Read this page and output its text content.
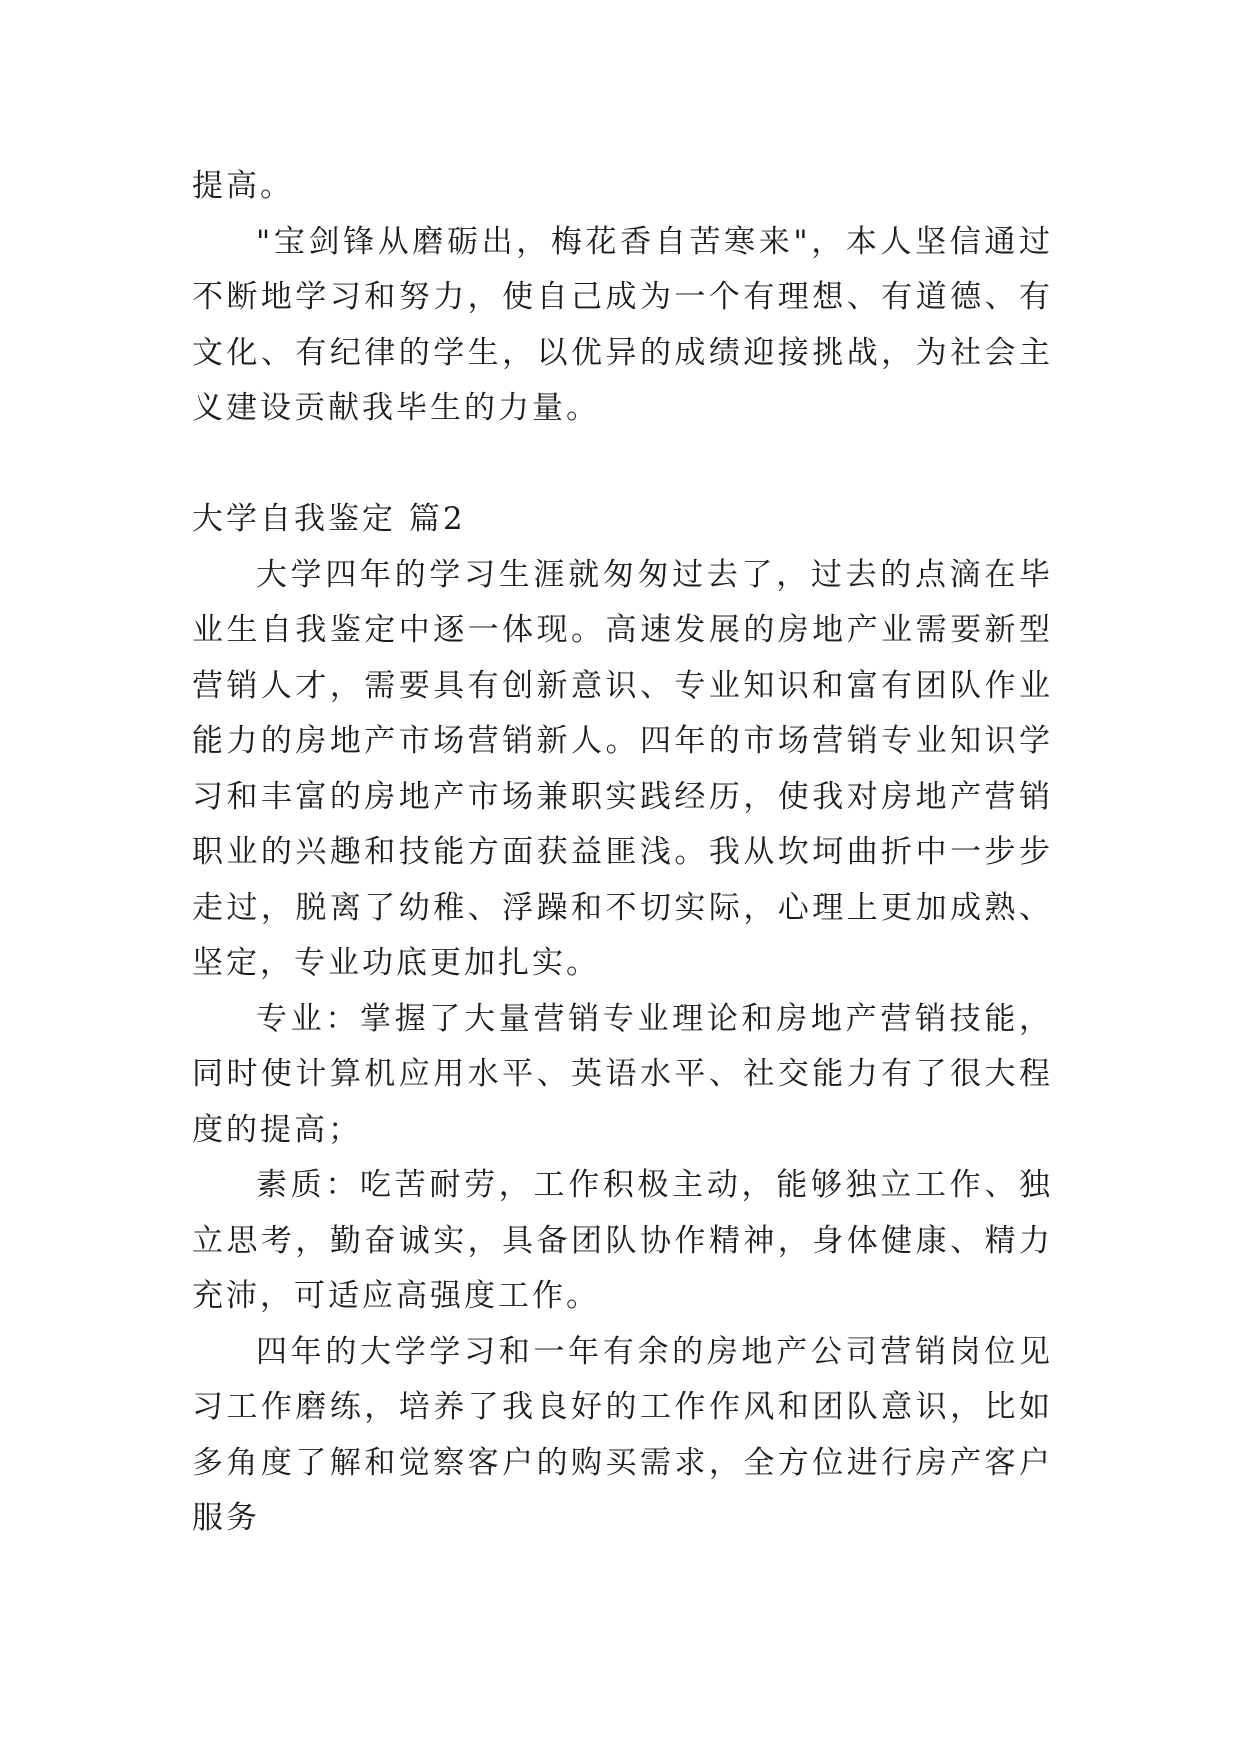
提高。

"宝剑锋从磨砺出，梅花香自苦寒来"，本人坚信通过不断地学习和努力，使自己成为一个有理想、有道德、有文化、有纪律的学生，以优异的成绩迎接挑战，为社会主义建设贡献我毕生的力量。

大学自我鉴定 篇2

大学四年的学习生涯就匆匆过去了，过去的点滴在毕业生自我鉴定中逐一体现。高速发展的房地产业需要新型营销人才，需要具有创新意识、专业知识和富有团队作业能力的房地产市场营销新人。四年的市场营销专业知识学习和丰富的房地产市场兼职实践经历，使我对房地产营销职业的兴趣和技能方面获益匪浅。我从坎坷曲折中一步步走过，脱离了幼稚、浮躁和不切实际，心理上更加成熟、坚定，专业功底更加扎实。

专业：掌握了大量营销专业理论和房地产营销技能，同时使计算机应用水平、英语水平、社交能力有了很大程度的提高；

素质：吃苦耐劳，工作积极主动，能够独立工作、独立思考，勤奋诚实，具备团队协作精神，身体健康、精力充沛，可适应高强度工作。

四年的大学学习和一年有余的房地产公司营销岗位见习工作磨练，培养了我良好的工作作风和团队意识，比如多角度了解和觉察客户的购买需求，全方位进行房产客户服务
